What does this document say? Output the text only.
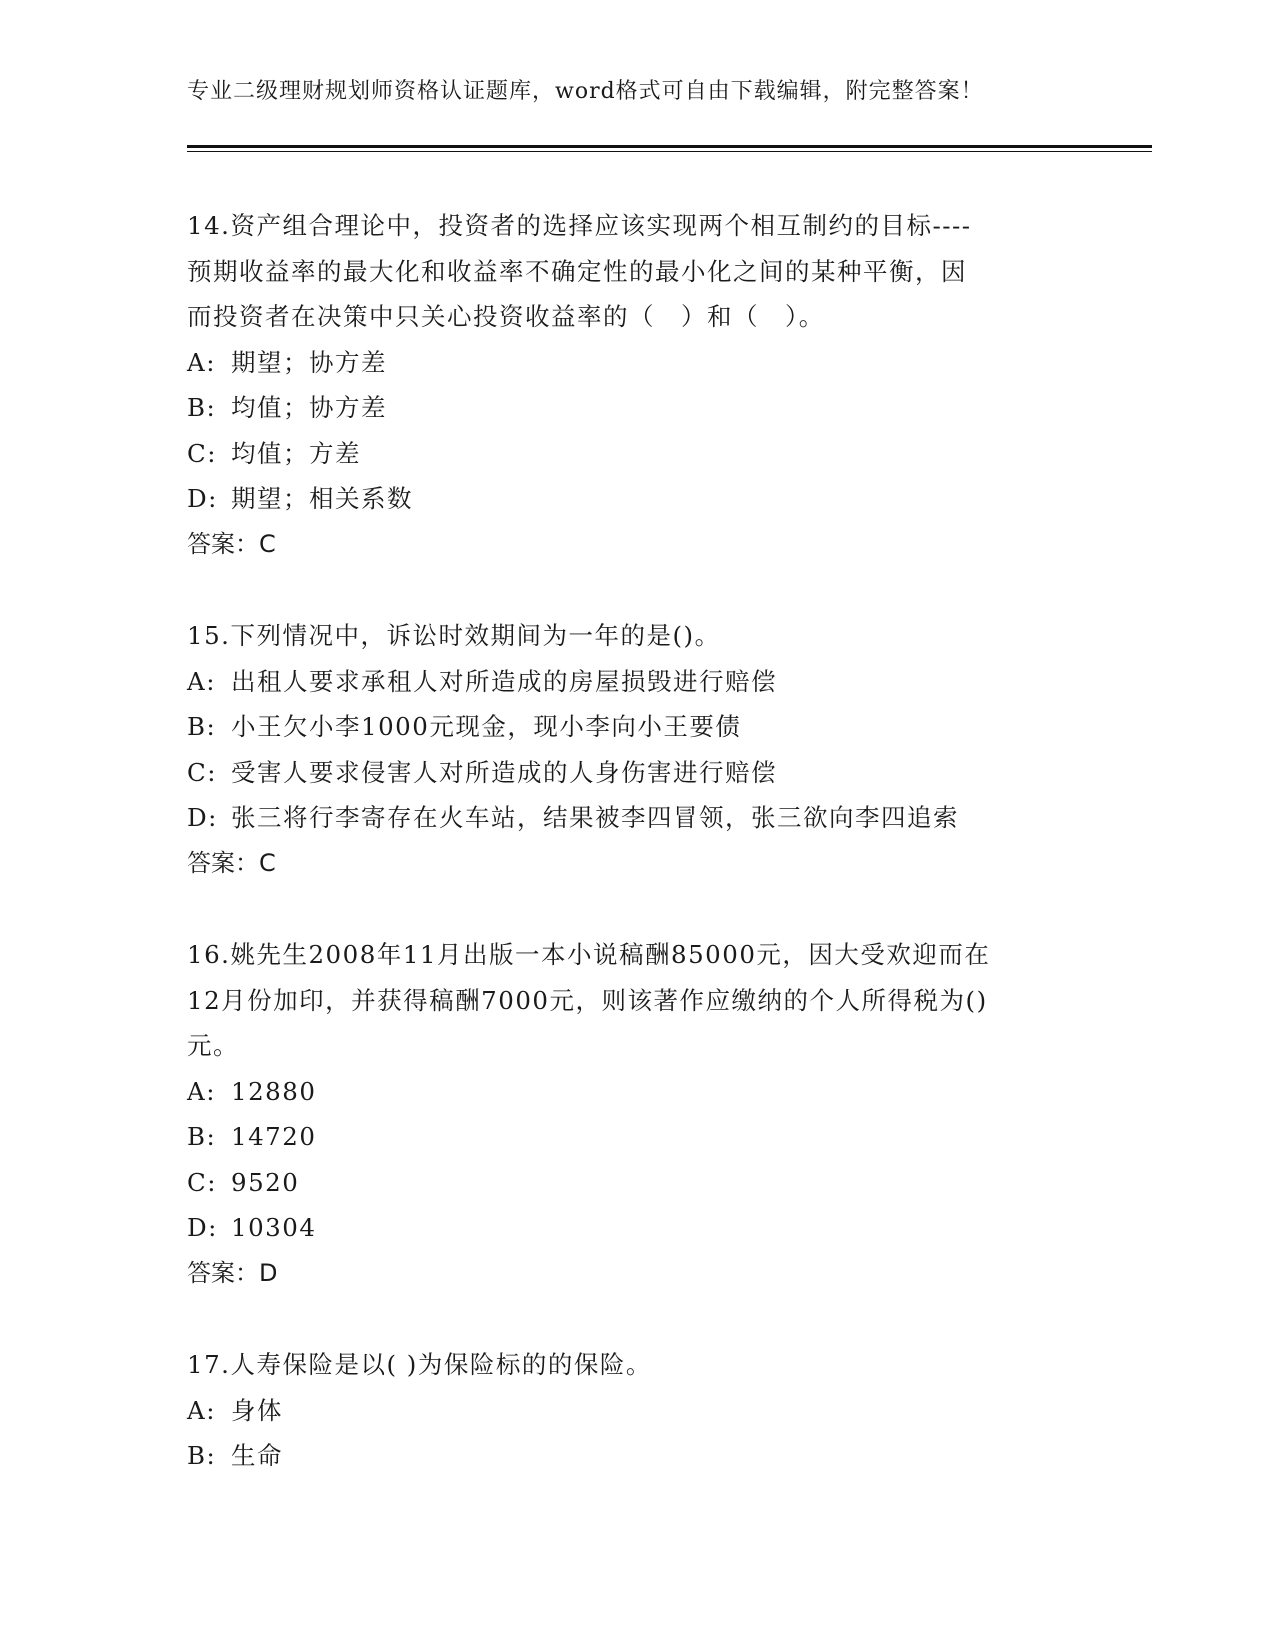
专业二级理财规划师资格认证题库，word格式可自由下载编辑，附完整答案！
14.资产组合理论中，投资者的选择应该实现两个相互制约的目标----
预期收益率的最大化和收益率不确定性的最小化之间的某种平衡，因
而投资者在决策中只关心投资收益率的（　）和（　）。
A: 期望；协方差
B: 均值；协方差
C: 均值；方差
D: 期望；相关系数
答案：C
15.下列情况中，诉讼时效期间为一年的是()。
A: 出租人要求承租人对所造成的房屋损毁进行赔偿
B: 小王欠小李1000元现金，现小李向小王要债
C: 受害人要求侵害人对所造成的人身伤害进行赔偿
D: 张三将行李寄存在火车站，结果被李四冒领，张三欲向李四追索
答案：C
16.姚先生2008年11月出版一本小说稿酬85000元，因大受欢迎而在
12月份加印，并获得稿酬7000元，则该著作应缴纳的个人所得税为()
元。
A: 12880
B: 14720
C: 9520
D: 10304
答案：D
17.人寿保险是以( )为保险标的的保险。
A: 身体
B: 生命
